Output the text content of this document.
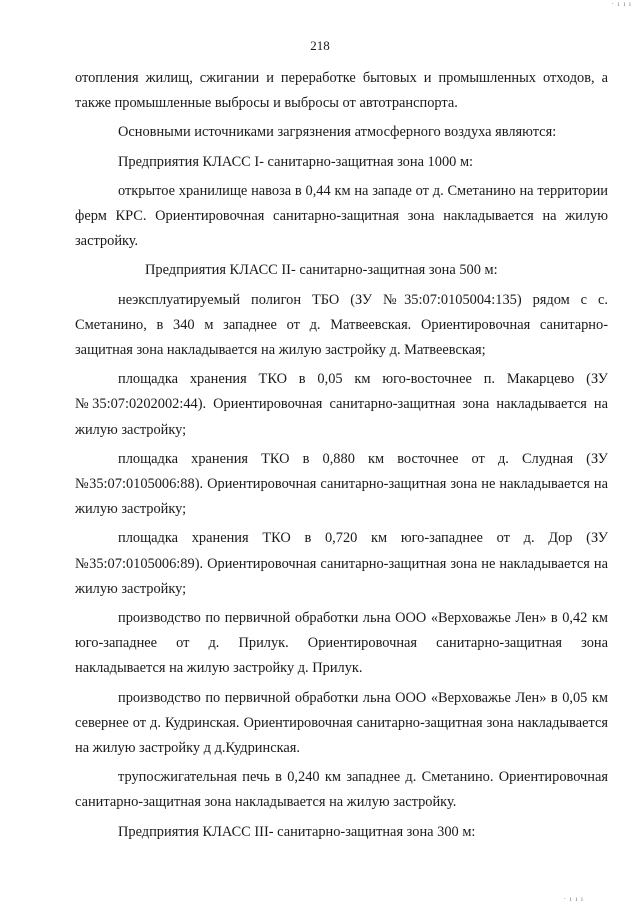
· ı ı ı
218

отопления жилищ, сжигании и переработке бытовых и промышленных отходов, а также промышленные выбросы и выбросы от автотранспорта.

Основными источниками загрязнения атмосферного воздуха являются:

Предприятия КЛАСС I- санитарно-защитная зона 1000 м:

открытое хранилище навоза в 0,44 км на западе от д. Сметанино на территории ферм КРС. Ориентировочная санитарно-защитная зона накладывается на жилую застройку.

Предприятия КЛАСС II- санитарно-защитная зона 500 м:

неэксплуатируемый полигон ТБО (ЗУ №35:07:0105004:135) рядом с с. Сметанино, в 340 м западнее от д. Матвеевская. Ориентировочная санитарно-защитная зона накладывается на жилую застройку д. Матвеевская;

площадка хранения ТКО в 0,05 км юго-восточнее п. Макарцево (ЗУ №35:07:0202002:44). Ориентировочная санитарно-защитная зона накладывается на жилую застройку;

площадка хранения ТКО в 0,880 км восточнее от д. Слудная (ЗУ №35:07:0105006:88). Ориентировочная санитарно-защитная зона не накладывается на жилую застройку;

площадка хранения ТКО в 0,720 км юго-западнее от д. Дор (ЗУ №35:07:0105006:89). Ориентировочная санитарно-защитная зона не накладывается на жилую застройку;

производство по первичной обработки льна ООО «Верховажье Лен» в 0,42 км юго-западнее от д. Прилук. Ориентировочная санитарно-защитная зона накладывается на жилую застройку д. Прилук.

производство по первичной обработки льна ООО «Верховажье Лен» в 0,05 км севернее от д. Кудринская. Ориентировочная санитарно-защитная зона накладывается на жилую застройку д д.Кудринская.

трупосжигательная печь в 0,240 км западнее д. Сметанино. Ориентировочная санитарно-защитная зона накладывается на жилую застройку.

Предприятия КЛАСС III- санитарно-защитная зона 300 м:

· ı ı ı
